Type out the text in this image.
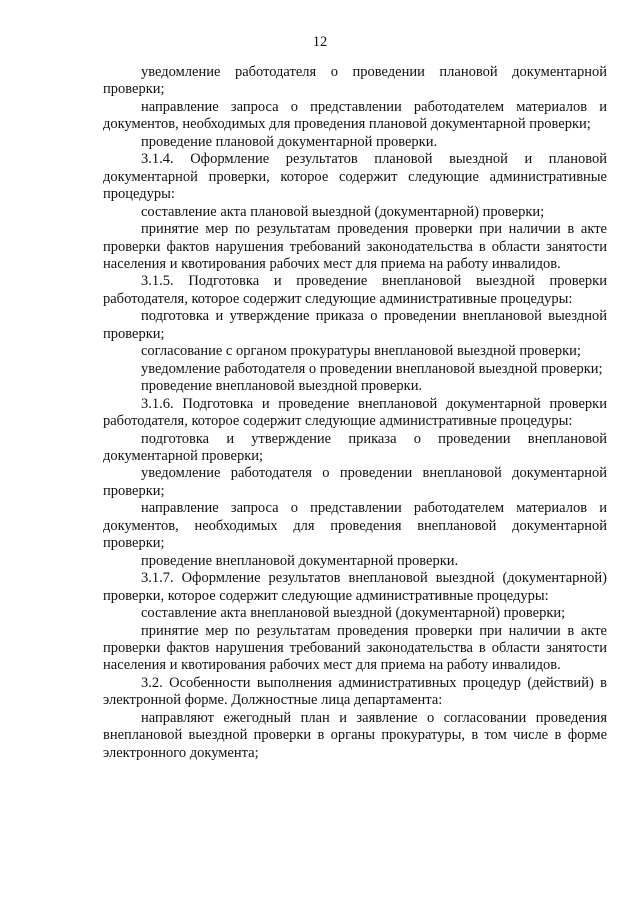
12

уведомление работодателя о проведении плановой документарной проверки;

направление запроса о представлении работодателем материалов и документов, необходимых для проведения плановой документарной проверки;

проведение плановой документарной проверки.

3.1.4. Оформление результатов плановой выездной и плановой документарной проверки, которое содержит следующие административные процедуры:

составление акта плановой выездной (документарной) проверки;

принятие мер по результатам проведения проверки при наличии в акте проверки фактов нарушения требований законодательства в области занятости населения и квотирования рабочих мест для приема на работу инвалидов.

3.1.5. Подготовка и проведение внеплановой выездной проверки работодателя, которое содержит следующие административные процедуры:

подготовка и утверждение приказа о проведении внеплановой выездной проверки;

согласование с органом прокуратуры внеплановой выездной проверки;

уведомление работодателя о проведении внеплановой выездной проверки;

проведение внеплановой выездной проверки.

3.1.6. Подготовка и проведение внеплановой документарной проверки работодателя, которое содержит следующие административные процедуры:

подготовка и утверждение приказа о проведении внеплановой документарной проверки;

уведомление работодателя о проведении внеплановой документарной проверки;

направление запроса о представлении работодателем материалов и документов, необходимых для проведения внеплановой документарной проверки;

проведение внеплановой документарной проверки.

3.1.7. Оформление результатов внеплановой выездной (документарной) проверки, которое содержит следующие административные процедуры:

составление акта внеплановой выездной (документарной) проверки;

принятие мер по результатам проведения проверки при наличии в акте проверки фактов нарушения требований законодательства в области занятости населения и квотирования рабочих мест для приема на работу инвалидов.

3.2. Особенности выполнения административных процедур (действий) в электронной форме. Должностные лица департамента:

направляют ежегодный план и заявление о согласовании проведения внеплановой выездной проверки в органы прокуратуры, в том числе в форме электронного документа;
